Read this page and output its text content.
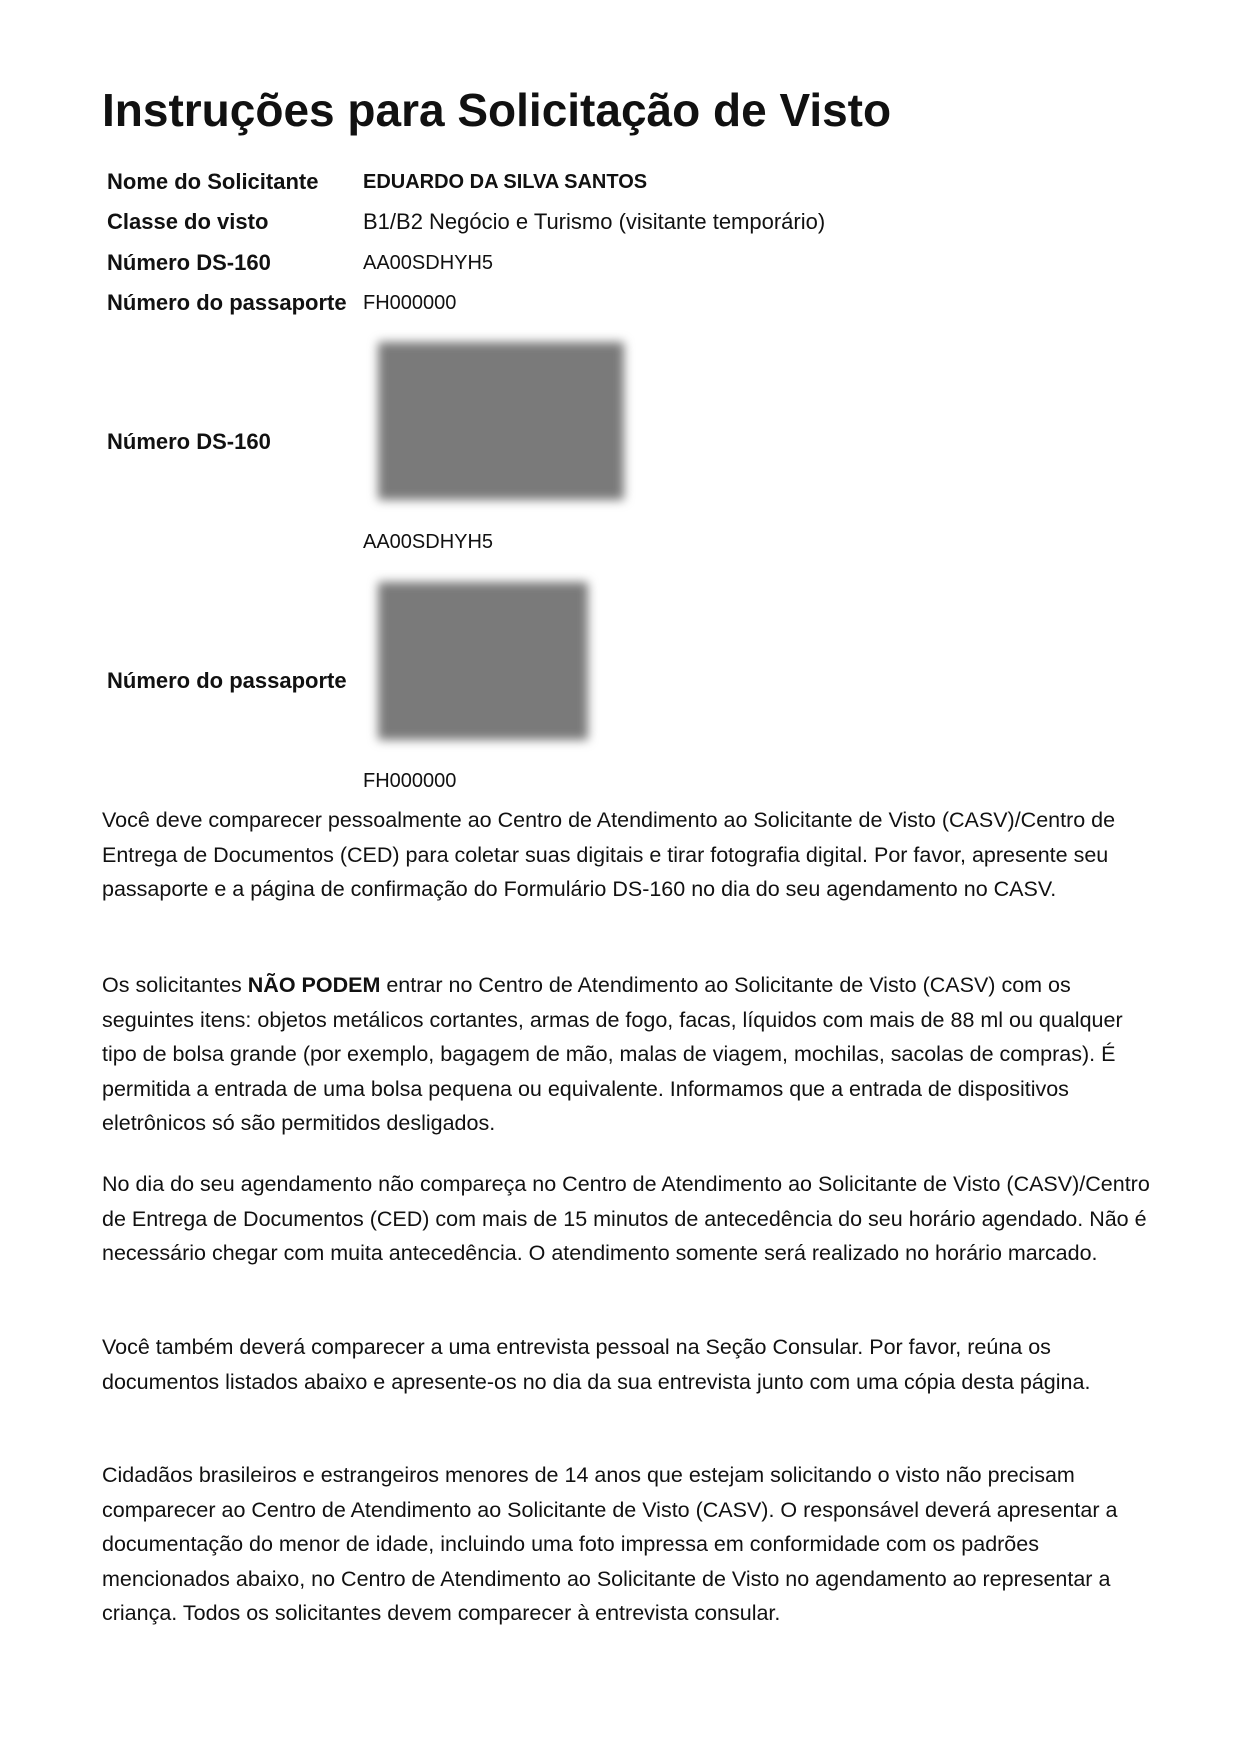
Instruções para Solicitação de Visto
Nome do Solicitante EDUARDO DA SILVA SANTOS
Classe do visto	B1/B2 Negócio e Turismo (visitante temporário)
Número DS-160	AA00SDHYH5
Número do passaporte FH000000
Número DS-160
AA00SDHYH5
Número do passaporte
FH000000

Você deve comparecer pessoalmente ao Centro de Atendimento ao Solicitante de Visto (CASV)/Centro de Entrega de Documentos (CED) para coletar suas digitais e tirar fotografia digital. Por favor, apresente seu passaporte e a página de confirmação do Formulário DS-160 no dia do seu agendamento no CASV.

Os solicitantes NÃO PODEM entrar no Centro de Atendimento ao Solicitante de Visto (CASV) com os seguintes itens: objetos metálicos cortantes, armas de fogo, facas, líquidos com mais de 88 ml ou qualquer tipo de bolsa grande (por exemplo, bagagem de mão, malas de viagem, mochilas, sacolas de compras). É permitida a entrada de uma bolsa pequena ou equivalente. Informamos que a entrada de dispositivos eletrônicos só são permitidos desligados.

No dia do seu agendamento não compareça no Centro de Atendimento ao Solicitante de Visto (CASV)/Centro de Entrega de Documentos (CED) com mais de 15 minutos de antecedência do seu horário agendado. Não é necessário chegar com muita antecedência. O atendimento somente será realizado no horário marcado.

Você também deverá comparecer a uma entrevista pessoal na Seção Consular. Por favor, reúna os documentos listados abaixo e apresente-os no dia da sua entrevista junto com uma cópia desta página.

Cidadãos brasileiros e estrangeiros menores de 14 anos que estejam solicitando o visto não precisam comparecer ao Centro de Atendimento ao Solicitante de Visto (CASV). O responsável deverá apresentar a documentação do menor de idade, incluindo uma foto impressa em conformidade com os padrões mencionados abaixo, no Centro de Atendimento ao Solicitante de Visto no agendamento ao representar a criança. Todos os solicitantes devem comparecer à entrevista consular.
